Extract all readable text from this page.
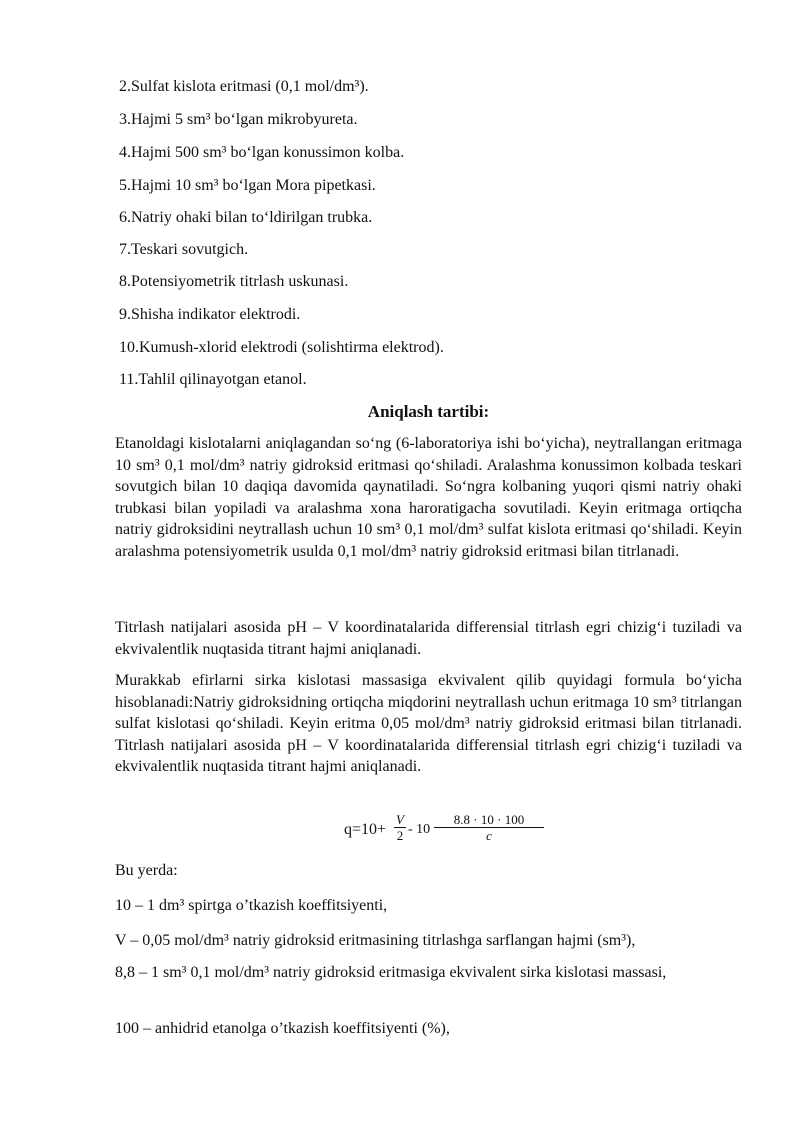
2.Sulfat kislota eritmasi (0,1 mol/dm³).
3.Hajmi 5 sm³ bo‘lgan mikrobyureta.
4.Hajmi 500 sm³ bo‘lgan konussimon kolba.
5.Hajmi 10 sm³ bo‘lgan Mora pipetkasi.
6.Natriy ohaki bilan to‘ldirilgan trubka.
7.Teskari sovutgich.
8.Potensiyometrik titrlash uskunasi.
9.Shisha indikator elektrodi.
10.Kumush-xlorid elektrodi (solishtirma elektrod).
11.Tahlil qilinayotgan etanol.
Aniqlash tartibi:
Etanoldagi kislotalarni aniqlagandan so‘ng (6-laboratoriya ishi bo‘yicha), neytrallangan eritmaga 10 sm³ 0,1 mol/dm³ natriy gidroksid eritmasi qo‘shiladi. Aralashma konussimon kolbada teskari sovutgich bilan 10 daqiqa davomida qaynatiladi. So‘ngra kolbaning yuqori qismi natriy ohaki trubkasi bilan yopiladi va aralashma xona haroratigacha sovutiladi. Keyin eritmaga ortiqcha natriy gidroksidini neytrallash uchun 10 sm³ 0,1 mol/dm³ sulfat kislota eritmasi qo‘shiladi. Keyin aralashma potensiyometrik usulda 0,1 mol/dm³ natriy gidroksid eritmasi bilan titrlanadi.
Titrlash natijalari asosida pH – V koordinatalarida differensial titrlash egri chizig‘i tuziladi va ekvivalentlik nuqtasida titrant hajmi aniqlanadi.
Murakkab efirlarni sirka kislotasi massasiga ekvivalent qilib quyidagi formula bo‘yicha hisoblanadi:Natriy gidroksidning ortiqcha miqdorini neytrallash uchun eritmaga 10 sm³ titrlangan sulfat kislotasi qo‘shiladi. Keyin eritma 0,05 mol/dm³ natriy gidroksid eritmasi bilan titrlanadi. Titrlash natijalari asosida pH – V koordinatalarida differensial titrlash egri chizig‘i tuziladi va ekvivalentlik nuqtasida titrant hajmi aniqlanadi.
q=10+
V
2 - 10
8.8 · 10 · 100
c
Bu yerda:
10 – 1 dm³ spirtga o’tkazish koeffitsiyenti,
V – 0,05 mol/dm³ natriy gidroksid eritmasining titrlashga sarflangan hajmi (sm³),
8,8 – 1 sm³ 0,1 mol/dm³ natriy gidroksid eritmasiga ekvivalent sirka kislotasi massasi,
100 – anhidrid etanolga o’tkazish koeffitsiyenti (%),
